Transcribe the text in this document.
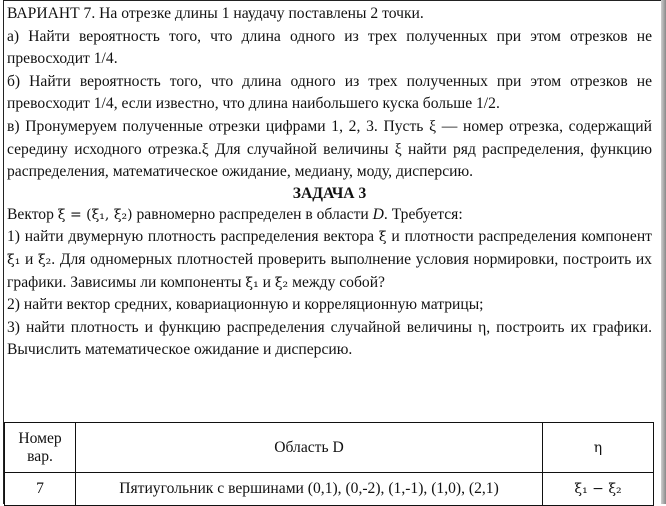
ВАРИАНТ 7. На отрезке длины 1 наудачу поставлены 2 точки.

а) Найти вероятность того, что длина одного из трех полученных при этом отрезков не превосходит 1/4.

б) Найти вероятность того, что длина одного из трех полученных при этом отрезков не превосходит 1/4, если известно, что длина наибольшего куска больше 1/2.

в) Пронумеруем полученные отрезки цифрами 1, 2, 3. Пусть ξ — номер отрезка, содержащий середину исходного отрезка.ξ Для случайной величины ξ найти ряд распределения, функцию распределения, математическое ожидание, медиану, моду, дисперсию.

ЗАДАЧА 3

Вектор ξ = (ξ₁, ξ₂) равномерно распределен в области D. Требуется:

1) найти двумерную плотность распределения вектора ξ и плотности распределения компонент ξ₁ и ξ₂. Для одномерных плотностей проверить выполнение условия нормировки, построить их графики. Зависимы ли компоненты ξ₁ и ξ₂ между собой?

2) найти вектор средних, ковариационную и корреляционную матрицы;

3) найти плотность и функцию распределения случайной величины η, построить их графики. Вычислить математическое ожидание и дисперсию.

Номер вар.	Область D	η
7	Пятиугольник с вершинами (0,1), (0,-2), (1,-1), (1,0), (2,1)	ξ₁ − ξ₂
